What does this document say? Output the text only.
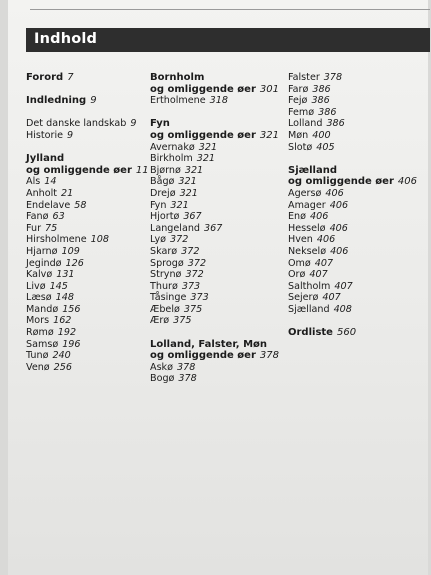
Indhold
Forord 7
Indledning 9
Det danske landskab 9
Historie 9
Jylland
og omliggende øer 11
Als 14
Anholt 21
Endelave 58
Fanø 63
Fur 75
Hirsholmene 108
Hjarnø 109
Jegindø 126
Kalvø 131
Livø 145
Læsø 148
Mandø 156
Mors 162
Rømø 192
Samsø 196
Tunø 240
Venø 256
Bornholm
og omliggende øer 301
Ertholmene 318
Fyn
og omliggende øer 321
Avernakø 321
Birkholm 321
Bjørnø 321
Bågø 321
Drejø 321
Fyn 321
Hjortø 367
Langeland 367
Lyø 372
Skarø 372
Sprogø 372
Strynø 372
Thurø 373
Tåsinge 373
Æbelø 375
Ærø 375
Lolland, Falster, Møn
og omliggende øer 378
Askø 378
Bogø 378
Falster 378
Farø 386
Fejø 386
Femø 386
Lolland 386
Møn 400
Slotø 405
Sjælland
og omliggende øer 406
Agersø 406
Amager 406
Enø 406
Hesselø 406
Hven 406
Nekselø 406
Omø 407
Orø 407
Saltholm 407
Sejerø 407
Sjælland 408
Ordliste 560
